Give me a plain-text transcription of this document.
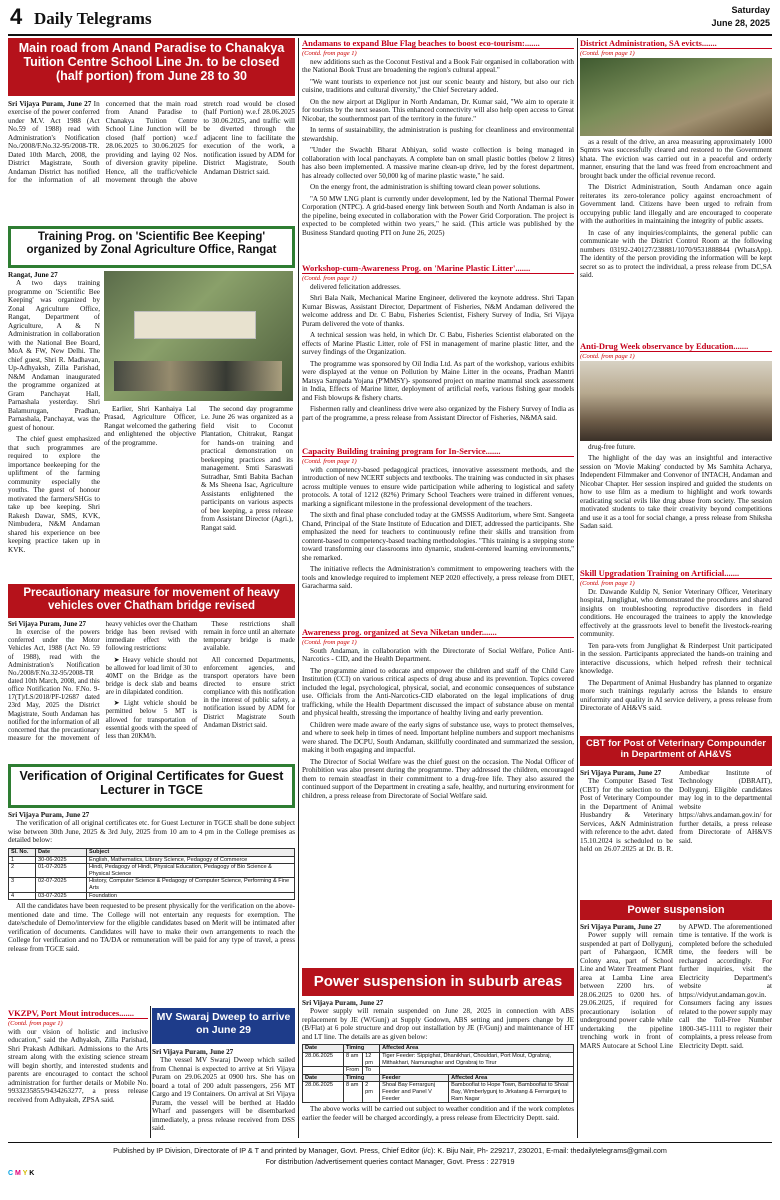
4 Daily Telegrams	Saturday
June 28, 2025
Main road from Anand Paradise to Chanakya Tuition Centre School Line Jn. to be closed (half portion) from June 28 to 30
Sri Vijaya Puram, June 27 In exercise of the power conferred under M.V. Act 1988 (Act No.59 of 1988) read with Administration's Notification No./2008/F.No.32-95/2008-TR. Dated 10th March, 2008, the District Magistrate, South Andaman District has notified for the information of all concerned that the main road from Anand Paradise to Chanakya Tuition Centre School Line Junction will be closed (half portion) w.e.f 28.06.2025 to 30.06.2025 for providing and laying 02 Nos. of diversion gravity pipeline. Hence, all the traffic/vehicle movement through the above stretch road would be closed (half Portion) w.e.f 28.06.2025 to 30.06.2025, and traffic will be diverted through the adjacent line to facilitate the execution of the work, a notification issued by ADM for District Magistrate, South Andaman District said.
Training Prog. on 'Scientific Bee Keeping' organized by Zonal Agriculture Office, Rangat
Rangat, June 27

A two days training programme on 'Scientific Bee Keeping' was organized by Zonal Agriculture Office, Rangat, Department of Agriculture, A & N Administration in collaboration with the National Bee Board, MoA & FW, New Delhi. The chief guest, Shri R. Madhavan, Up-Adhyaksh, Zilla Parishad, N&M Andaman inaugurated the programme organized at Gram Panchayat Hall, Parnashala yesterday. Shri Balamurugan, Pradhan, Parnashala, Panchayat, was the guest of honour.

The chief guest emphasized that such programmes are required to explore the importance beekeeping for the upliftment of the farming community especially the youths. The guest of honour motivated the farmers/SHGs to take up bee keeping. Shri Rakesh Dawar, SMS, KVK, Nimbudera, N&M Andaman shared his experience on bee keeping practice taken up in KVK.

Earlier, Shri Kanhaiya Lal Prasad, Agriculture Officer, Rangat welcomed the gathering and enlightened the objective of the programme.

The second day programme i.e. June 26 was organized as a field visit to Coconut Plantation, Chitrakut, Rangat for hands-on training and practical demonstration on beekeeping practices and its management. Smti Saraswati Sutradhar, Smti Babita Bachan & Ms Sheena Isac, Agriculture Assistants enlightened the participants on various aspects of bee keeping, a press release from Assistant Director (Agri.), Rangat said.

Precautionary measure for movement of heavy vehicles over Chatham bridge revised
Sri Vijaya Puram, June 27

In exercise of the powers conferred under the Motor Vehicles Act, 1988 (Act No. 59 of 1988), read with the Administration's Notification No./2008/F.No.32-95/2008-TR dated 10th March, 2008, and this office Notification No. F.No. 9-17(T)/LS/2018/PF-I/2687 dated 23rd May, 2025 the District Magistrate, South Andaman has notified for the information of all concerned that the precautionary measure for the movement of heavy vehicles over the Chatham bridge has been revised with immediate effect with the following restrictions:

➤ Heavy vehicle should not be allowed for load limit of 30 to 40MT on the Bridge as the bridge is deck slab and beams are in dilapidated condition.

➤ Light vehicle should be permitted below 5 MT is allowed for transportation of essential goods with the speed of less than 20KM/h.

These restrictions shall remain in force until an alternate temporary bridge is made available.

All concerned Departments, enforcement agencies, and transport operators have been directed to ensure strict compliance with this notification in the interest of public safety, a notification issued by ADM for District Magistrate South Andaman District said.

Verification of Original Certificates for Guest Lecturer in TGCE
Sri Vijaya Puram, June 27

The verification of all original certificates etc. for Guest Lecturer in TGCE shall be done subject wise between 30th June, 2025 & 3rd July, 2025 from 10 am to 4 pm in the College premises as detailed below:

Sl. No.	Date	Subject
1	30-06-2025	English, Mathematics, Library Science, Pedagogy of Commerce
2	01-07-2025	Hindi, Pedagogy of Hindi, Physical Education, Pedagogy of Bio Science & Physical Science
3	02-07-2025	History, Computer Science & Pedagogy of Computer Science, Performing & Fine Arts
4	03-07-2025	Foundation

All the candidates have been requested to be present physically for the verification on the above-mentioned date and time. The College will not entertain any requests for exemption. The date/schedule of Demo/interview for the eligible candidates based on Merit will be intimated after verification of documents. Candidates will have to make their own arrangements to reach the College for verification and no TA/DA or remuneration will be paid for any type of travel, a press release from TGCE said.

VKZPV, Port Mout introduces.......
(Contd. from page 1)
with our vision of holistic and inclusive education," said the Adhyaksh, Zilla Parishad, Shri Prakash Adhikari. Admissions to the Arts stream along with the existing science stream will begin shortly, and interested students and parents are encouraged to contact the school administration for further details or Mobile No. 9933235855/9434263277, a press release received from Adhyaksh, ZPSA said.
MV Swaraj Dweep to arrive on June 29
Sri Vijaya Puram, June 27

The vessel MV Swaraj Dweep which sailed from Chennai is expected to arrive at Sri Vijaya Puram on 29.06.2025 at 0900 hrs. She has on board a total of 200 adult passengers, 256 MT Cargo and 19 Containers. On arrival at Sri Vijaya Puram, the vessel will be berthed at Haddo Wharf and passengers will be disembarked immediately, a press release received from DSS said.

Andamans to expand Blue Flag beaches to boost eco-tourism:.......
(Contd. from page 1)

new additions such as the Coconut Festival and a Book Fair organised in collaboration with the National Book Trust are broadening the region's cultural appeal."

"We want tourists to experience not just our scenic beauty and history, but also our rich cuisine, traditions and cultural diversity," the Chief Secretary added.

On the new airport at Diglipur in North Andaman, Dr. Kumar said, "We aim to operate it for tourists by the next season. This enhanced connectivity will also help open access to Great Nicobar, the southernmost part of the territory in the future."

In terms of sustainability, the administration is pushing for cleanliness and environmental stewardship.

"Under the Swachh Bharat Abhiyan, solid waste collection is being managed in collaboration with local panchayats. A complete ban on small plastic bottles (below 2 litres) has also been implemented. A massive marine clean-up drive, led by the forest department, has already collected over 50,000 kg of marine plastic waste," he said.

On the energy front, the administration is shifting toward clean power solutions.

"A 50 MW LNG plant is currently under development, led by the National Thermal Power Corporation (NTPC). A grid-based energy link between South and North Andaman is also in the pipeline, being executed in collaboration with the Power Grid Corporation. The project is expected to be completed within two years," he said. (This article was published by the Business Standard quoting PTI on June 26, 2025)

Workshop-cum-Awareness Prog. on 'Marine Plastic Litter'.......
(Contd. from page 1)

delivered felicitation addresses.

Shri Bala Naik, Mechanical Marine Engineer, delivered the keynote address. Shri Tapan Kumar Biswas, Assistant Director, Department of Fisheries, N&M Andaman delivered the welcome address and Dr. C Babu, Fisheries Scientist, Fishery Survey of India, Sri Vijaya Puram delivered the vote of thanks.

A technical session was held, in which Dr. C Babu, Fisheries Scientist elaborated on the effects of Marine Plastic Litter, role of FSI in management of marine plastic litter, and the survey findings of the Organization.

The programme was sponsored by Oil India Ltd. As part of the workshop, various exhibits were displayed at the venue on Pollution by Maine Litter in the oceans, Pradhan Mantri Matsya Sampada Yojana (P'MMSY)- sponsored project on marine mammal stock assessment in India, Effects of Marine litter, deployment of artificial reefs, various fishing gear models and Fish blowups & fishery charts.

Fishermen rally and cleanliness drive were also organized by the Fishery Survey of India as part of the programme, a press release from Assistant Director of Fisheries, N&MA said.

Capacity Building training program for In-Service.......
(Contd. from page 1)

with competency-based pedagogical practices, innovative assessment methods, and the introduction of new NCERT subjects and textbooks. The training was conducted in six phases across multiple venues to ensure wide participation while adhering to logistical and safety protocols. A total of 1212 (82%) Primary School Teachers were trained in different venues, marking a significant milestone in the professional development of the teachers.

The sixth and final phase concluded today at the GMSSS Auditorium, where Smt. Sangeeta Chand, Principal of the State Institute of Education and DIET, addressed the participants. She emphasized the need for teachers to continuously refine their skills and transition from content-based to competency-based teaching methodologies. "This training is a stepping stone toward transforming our classrooms into dynamic, student-centered learning environments," she remarked.

The initiative reflects the Administration's commitment to empowering teachers with the tools and knowledge required to implement NEP 2020 effectively, a press release from DIET, Garacharma said.

Awareness prog. organized at Seva Niketan under.......
(Contd. from page 1)

South Andaman, in collaboration with the Directorate of Social Welfare, Police Anti-Narcotics - CID, and the Health Department.

The programme aimed to educate and empower the children and staff of the Child Care Institution (CCI) on various critical aspects of drug abuse and its prevention. Topics covered included the legal, psychological, physical, social, and economic consequences of substance use. Officials from the Anti-Narcotics-CID elaborated on the legal implications of drug trafficking, while the Health Department discussed the impact of substance abuse on mental and physical health, stressing the importance of healthy living and early prevention.

Children were made aware of the early signs of substance use, ways to protect themselves, and where to seek help in times of need. Important helpline numbers and support mechanisms were shared. The DCPU, South Andaman, skillfully coordinated and summarized the session, making it both engaging and impactful.

The Director of Social Welfare was the chief guest on the occasion. The Nodal Officer of Prohibition was also present during the programme. They addressed the children, encouraged them to remain steadfast in their commitment to a drug-free life. They also assured the continued support of the Department in creating a safe, healthy, and nurturing environment for children, a press release from Directorate of Social Welfare said.

Power suspension in suburb areas
Sri Vijaya Puram, June 27

Power supply will remain suspended on June 28, 2025 in connection with ABS replacement by JE (W/Gunj) at Supply Godown, ABS setting and jumpers change by JE (B/Flat) at 6 pole structure and drop out installation by JE (F/Gunj) and maintenance of HT and LT line. The details are as given below:

Date	Timing		Affected Area	
28.06.2025	8 am	12 pm	Tiger Feeder: Sippighat, Dhanikhari, Chouldari, Port Mout, Ograbraj, Mithakhari, Namunaghar and Ograbraj to Tirur	
	From	To		
Date	Timing		Feeder	Affected Area
28.06.2025	8 am	2 pm	Shoal Bay Ferrargunj Feeder and Panel V Feeder	Bamboofiat to Hope Town, Bamboofiat to Shoal Bay, Wimberlygunj to Jirkatang & Ferrargunj to Ram Nagar

The above works will be carried out subject to weather condition and if the work completes earlier the feeder will be charged accordingly, a press release from Electricity Deptt. said.

District Administration, SA evicts.......
(Contd. from page 1)

as a result of the drive, an area measuring approximately 1000 Sqmtrs was successfully cleared and restored to the Government khata. The eviction was carried out in a peaceful and orderly manner, ensuring that the land was freed from encroachment and brought back under the official revenue record.

The District Administration, South Andaman once again reiterates its zero-tolerance policy against encroachment of Government land. Citizens have been urged to refrain from occupying public land illegally and are encouraged to cooperate with the authorities in maintaining the integrity of public assets.

In case of any inquiries/complaints, the general public can communicate with the District Control Room at the following numbers 03192-240127/238881/1070/9531888844 (WhatsApp). The identity of the person providing the information will be kept secret so as to protect the individual, a press release from DC,SA said.

Anti-Drug Week observance by Education.......
(Contd. from page 1)

drug-free future.

The highlight of the day was an insightful and interactive session on 'Movie Making' conducted by Ms Samhita Acharya, Independent Filmmaker and Convenor of INTACH, Andaman and Nicobar Chapter. Her session inspired and guided the students on how to use film as a medium to highlight and work towards eradicating social evils like drug abuse from society. The session motivated students to take their creativity beyond competitions and use it as a tool for social change, a press release from Shiksha Sadan said.

Skill Upgradation Training on Artificial.......
(Contd. from page 1)

Dr. Dawande Kuldip N, Senior Veterinary Officer, Veterinary hospital, Junglighat, who demonstrated the procedures and shared insights on troubleshooting reproductive disorders in field conditions. He encouraged the trainees to apply the knowledge effectively at the grassroots level to benefit the livestock-rearing community.

Ten para-vets from Junglighat & Rinderpest Unit participated in the session. Participants appreciated the hands-on training and interactive discussions, which helped refresh their technical knowledge.

The Department of Animal Husbandry has planned to organize more such trainings regularly across the Islands to ensure uniformity and quality in AI service delivery, a press release from Directorate of AH&VS said.

CBT for Post of Veterinary Compounder in Department of AH&VS
Sri Vijaya Puram, June 27

The Computer Based Test (CBT) for the selection to the Post of Veterinary Compounder in the Department of Animal Husbandry & Veterinary Services, A&N Administration with reference to the advt. dated 15.10.2024 is scheduled to be held on 26.07.2025 at Dr. B. R. Ambedkar Institute of Technology (DBRAIT), Dollygunj. Eligible candidates may log in to the departmental website https://ahvs.andaman.gov.in/ for further details, a press release from Directorate of AH&VS said.

Power suspension
Sri Vijaya Puram, June 27

Power supply will remain suspended at part of Dollygunj, part of Pahargaon, ICMR Colony area, part of School Line and Water Treatment Plant area at Lamba Line area between 2200 hrs. of 28.06.2025 to 0200 hrs. of 29.06.2025, if required for precautionary isolation of underground power cable while undertaking the pipeline trenching work in front of MARS Autocare at School Line by APWD. The aforementioned time is tentative. If the work is completed before the scheduled time, the feeders will be recharged accordingly. For further inquiries, visit the Electricity Department's website at https://vidyut.andaman.gov.in. Consumers facing any issues related to the power supply may call the Toll-Free Number 1800-345-1111 to register their complaints, a press release from Electricity Deptt. said.

Published by IP Division, Directorate of IP & T and printed by Manager, Govt. Press, Chief Editor (i/c): K. Biju Nair, Ph- 229217, 230201, E-mail: thedailytelegrams@gmail.com
For distribution /advertisement queries contact Manager, Govt. Press : 227919
C M Y K
